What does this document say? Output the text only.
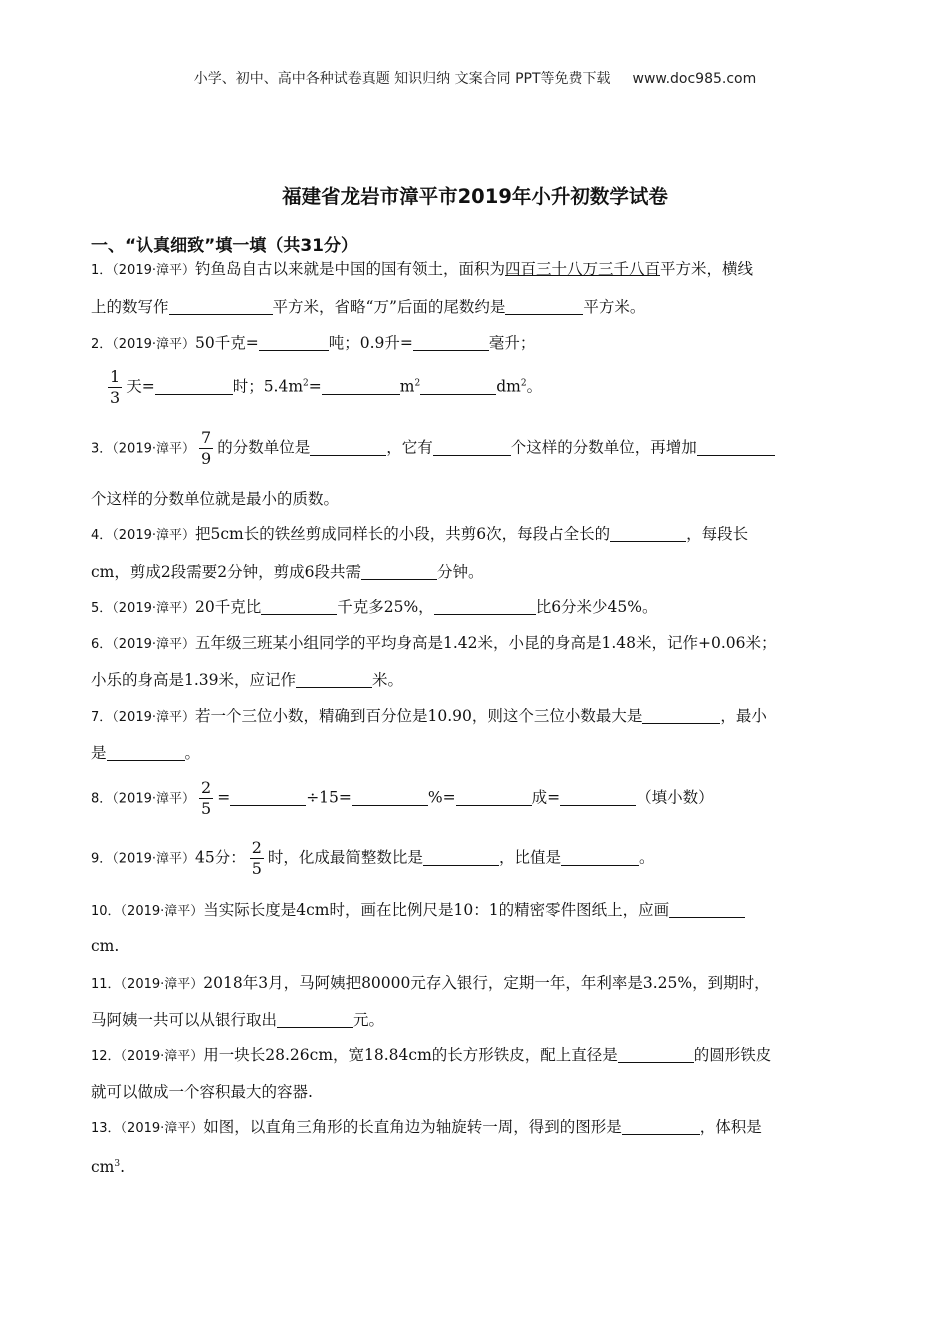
小学、初中、高中各种试卷真题 知识归纳 文案合同 PPT等免费下载 www.doc985.com
福建省龙岩市漳平市2019年小升初数学试卷
一、“认真细致”填一填（共31分）
1．（2019·漳平）钓鱼岛自古以来就是中国的国有领土，面积为四百三十八万三千八百平方米，横线
上的数写作	平方米，省略“万”后面的尾数约是	平方米。
2．（2019·漳平）50千克=	吨；0.9升=	毫升；
$\frac{1}{3}$ 天=	时；$5.4m^2=$	$m^2$	$dm^2$。
3．（2019·漳平） $\frac{7}{9}$ 的分数单位是	，它有	个这样的分数单位，再增加
个这样的分数单位就是最小的质数。
4．（2019·漳平）把5cm长的铁丝剪成同样长的小段，共剪6次，每段占全长的	，每段长
cm，剪成2段需要2分钟，剪成6段共需	分钟。
5．（2019·漳平）20千克比	千克多25%，	比6分米少45%。
6．（2019·漳平）五年级三班某小组同学的平均身高是1.42米，小昆的身高是1.48米，记作+0.06米；
小乐的身高是1.39米，应记作	米。
7．（2019·漳平）若一个三位小数，精确到百分位是10.90，则这个三位小数最大是	，最小
是	。
8．（2019·漳平） $\frac{2}{5}$ =	÷15=	%=	成=	（填小数）
9．（2019·漳平）45分： $\frac{2}{5}$ 时，化成最简整数比是	，比值是	。
10．（2019·漳平）当实际长度是4cm时，画在比例尺是10：1的精密零件图纸上，应画
cm.
11．（2019·漳平）2018年3月，马阿姨把80000元存入银行，定期一年，年利率是3.25%，到期时，
马阿姨一共可以从银行取出	元。
12．（2019·漳平）用一块长28.26cm，宽18.84cm的长方形铁皮，配上直径是	的圆形铁皮
就可以做成一个容积最大的容器.
13．（2019·漳平）如图，以直角三角形的长直角边为轴旋转一周，得到的图形是	，体积是
$cm^3$.
